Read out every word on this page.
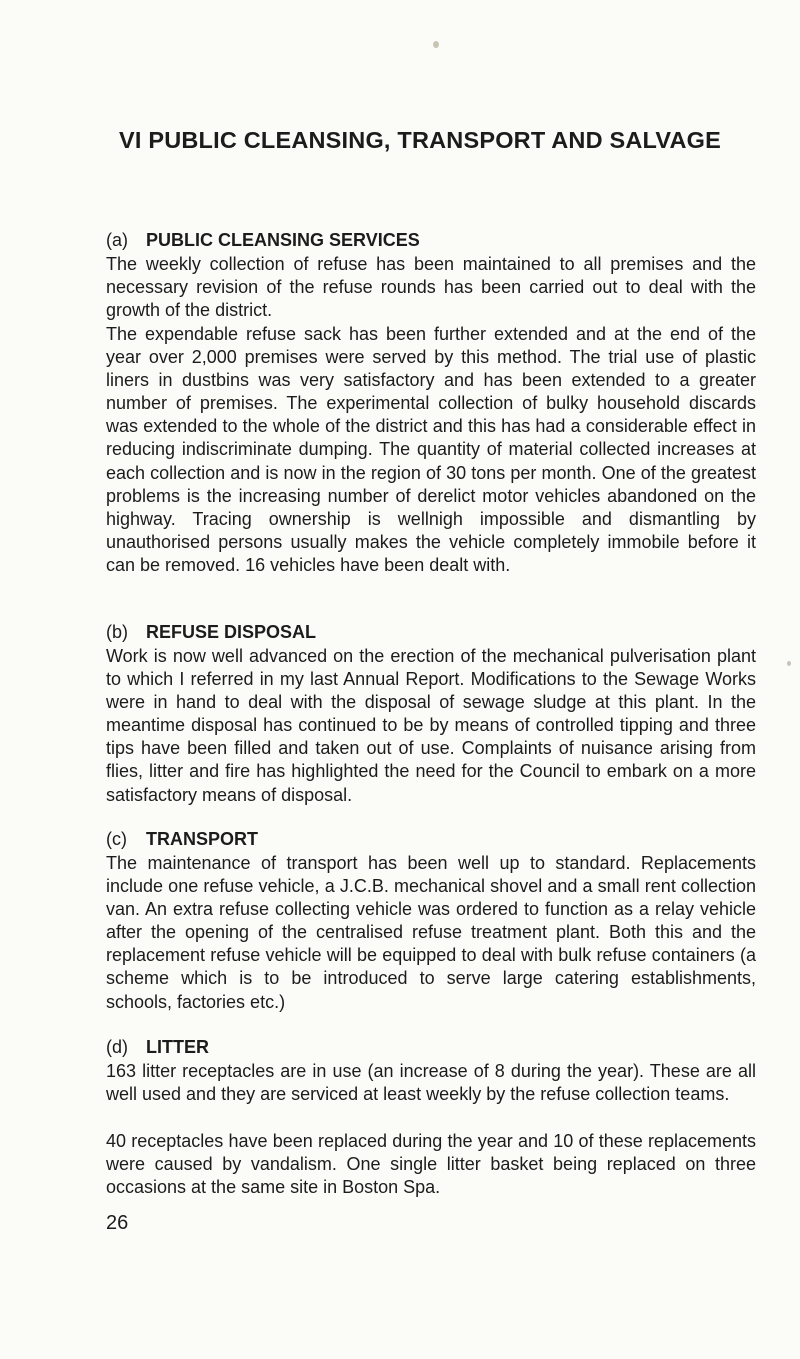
VI PUBLIC CLEANSING, TRANSPORT AND SALVAGE
(a) PUBLIC CLEANSING SERVICES

The weekly collection of refuse has been maintained to all premises and the necessary revision of the refuse rounds has been carried out to deal with the growth of the district.

The expendable refuse sack has been further extended and at the end of the year over 2,000 premises were served by this method. The trial use of plastic liners in dustbins was very satisfactory and has been extended to a greater number of premises. The experimental collection of bulky household discards was extended to the whole of the district and this has had a considerable effect in reducing indiscriminate dumping. The quantity of material collected increases at each collection and is now in the region of 30 tons per month. One of the greatest problems is the increasing number of derelict motor vehicles abandoned on the highway. Tracing ownership is wellnigh impossible and dismantling by unauthorised persons usually makes the vehicle completely immobile before it can be removed. 16 vehicles have been dealt with.

(b) REFUSE DISPOSAL

Work is now well advanced on the erection of the mechanical pulverisation plant to which I referred in my last Annual Report. Modifications to the Sewage Works were in hand to deal with the disposal of sewage sludge at this plant. In the meantime disposal has continued to be by means of controlled tipping and three tips have been filled and taken out of use. Complaints of nuisance arising from flies, litter and fire has highlighted the need for the Council to embark on a more satisfactory means of disposal.

(c) TRANSPORT

The maintenance of transport has been well up to standard. Replacements include one refuse vehicle, a J.C.B. mechanical shovel and a small rent collection van. An extra refuse collecting vehicle was ordered to function as a relay vehicle after the opening of the centralised refuse treatment plant. Both this and the replacement refuse vehicle will be equipped to deal with bulk refuse containers (a scheme which is to be introduced to serve large catering establishments, schools, factories etc.)

(d) LITTER

163 litter receptacles are in use (an increase of 8 during the year). These are all well used and they are serviced at least weekly by the refuse collection teams.

40 receptacles have been replaced during the year and 10 of these replacements were caused by vandalism. One single litter basket being replaced on three occasions at the same site in Boston Spa.

26
